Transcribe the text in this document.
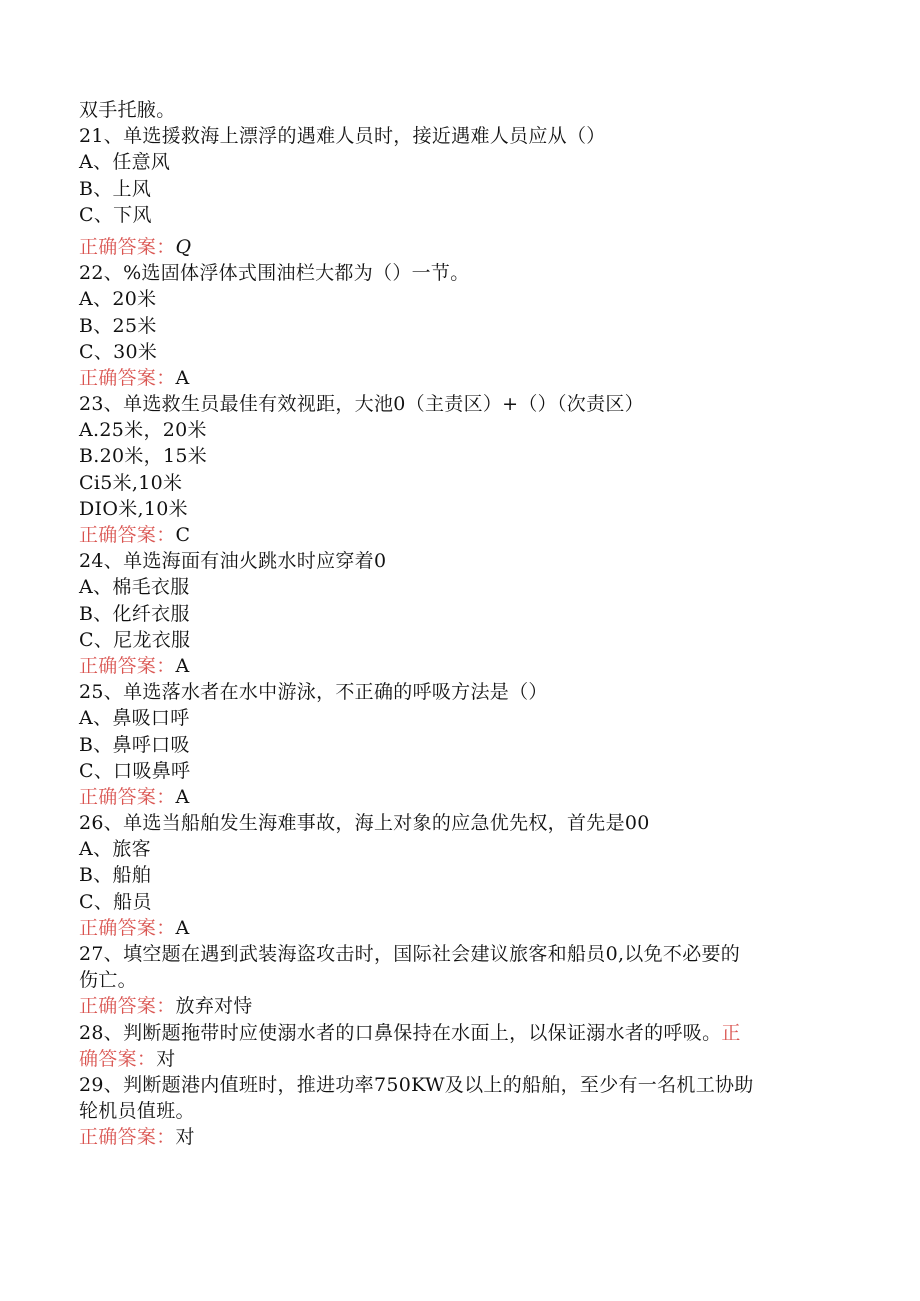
双手托腋。
21、单选援救海上漂浮的遇难人员时，接近遇难人员应从（）
A、任意风
B、上风
C、下风
正确答案：Q
22、%选固体浮体式围油栏大都为（）一节。
A、20米
B、25米
C、30米
正确答案：A
23、单选救生员最佳有效视距，大池0（主责区）+（）（次责区）
A.25米，20米
B.20米，15米
Ci5米,10米
DIO米,10米
正确答案：C
24、单选海面有油火跳水时应穿着0
A、棉毛衣服
B、化纤衣服
C、尼龙衣服
正确答案：A
25、单选落水者在水中游泳，不正确的呼吸方法是（）
A、鼻吸口呼
B、鼻呼口吸
C、口吸鼻呼
正确答案：A
26、单选当船舶发生海难事故，海上对象的应急优先权，首先是00
A、旅客
B、船舶
C、船员
正确答案：A
27、填空题在遇到武装海盗攻击时，国际社会建议旅客和船员0,以免不必要的
伤亡。
正确答案：放弃对恃
28、判断题拖带时应使溺水者的口鼻保持在水面上，以保证溺水者的呼吸。正
确答案：对
29、判断题港内值班时，推进功率750KW及以上的船舶，至少有一名机工协助
轮机员值班。
正确答案：对
